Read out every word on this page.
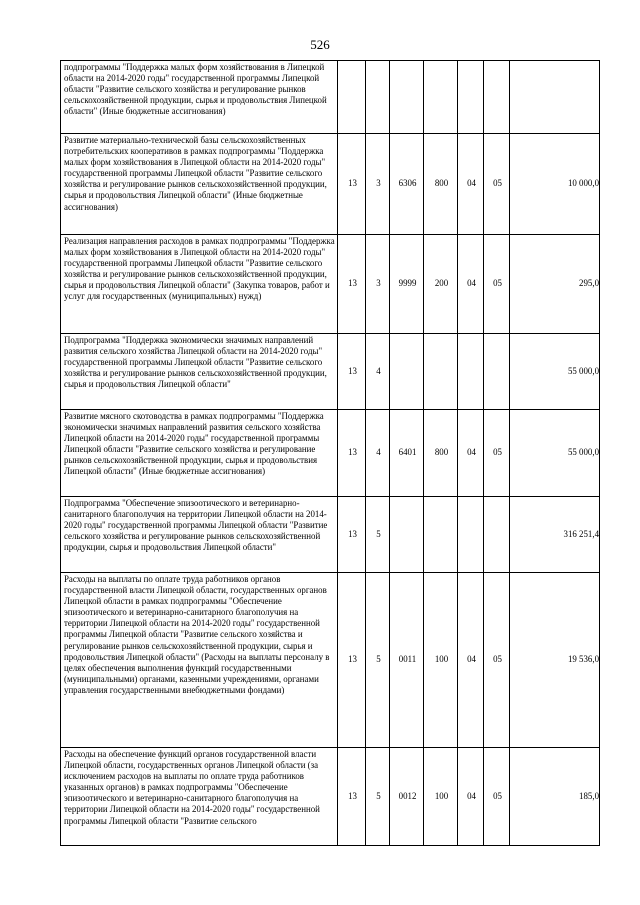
526
подпрограммы "Поддержка малых форм хозяйствования в Липецкой области на 2014-2020 годы" государственной программы Липецкой области "Развитие сельского хозяйства и регулирование рынков сельскохозяйственной продукции, сырья и продовольствия Липецкой области" (Иные бюджетные ассигнования)							
Развитие материально-технической базы сельскохозяйственных потребительских кооперативов в рамках подпрограммы "Поддержка малых форм хозяйствования в Липецкой области на 2014-2020 годы" государственной программы Липецкой области "Развитие сельского хозяйства и регулирование рынков сельскохозяйственной продукции, сырья и продовольствия Липецкой области" (Иные бюджетные ассигнования)	13	3	6306	800	04	05	10 000,0
Реализация направления расходов в рамках подпрограммы "Поддержка малых форм хозяйствования в Липецкой области на 2014-2020 годы" государственной программы Липецкой области "Развитие сельского хозяйства и регулирование рынков сельскохозяйственной продукции, сырья и продовольствия Липецкой области" (Закупка товаров, работ и услуг для государственных (муниципальных) нужд)	13	3	9999	200	04	05	295,0
Подпрограмма "Поддержка экономически значимых направлений развития сельского хозяйства Липецкой области на 2014-2020 годы" государственной программы Липецкой области "Развитие сельского хозяйства и регулирование рынков сельскохозяйственной продукции, сырья и продовольствия Липецкой области"	13	4					55 000,0
Развитие мясного скотоводства в рамках подпрограммы "Поддержка экономически значимых направлений развития сельского хозяйства Липецкой области на 2014-2020 годы" государственной программы Липецкой области "Развитие сельского хозяйства и регулирование рынков сельскохозяйственной продукции, сырья и продовольствия Липецкой области" (Иные бюджетные ассигнования)	13	4	6401	800	04	05	55 000,0
Подпрограмма "Обеспечение эпизоотического и ветеринарно-санитарного благополучия на территории Липецкой области на 2014-2020 годы" государственной программы Липецкой области "Развитие сельского хозяйства и регулирование рынков сельскохозяйственной продукции, сырья и продовольствия Липецкой области"	13	5					316 251,4
Расходы на выплаты по оплате труда работников органов государственной власти Липецкой области, государственных органов Липецкой области в рамках подпрограммы "Обеспечение эпизоотического и ветеринарно-санитарного благополучия на территории Липецкой области на 2014-2020 годы" государственной программы Липецкой области "Развитие сельского хозяйства и регулирование рынков сельскохозяйственной продукции, сырья и продовольствия Липецкой области" (Расходы на выплаты персоналу в целях обеспечения выполнения функций государственными (муниципальными) органами, казенными учреждениями, органами управления государственными внебюджетными фондами)	13	5	0011	100	04	05	19 536,0
Расходы на обеспечение функций органов государственной власти Липецкой области, государственных органов Липецкой области (за исключением расходов на выплаты по оплате труда работников указанных органов) в рамках подпрограммы "Обеспечение эпизоотического и ветеринарно-санитарного благополучия на территории Липецкой области на 2014-2020 годы" государственной программы Липецкой области "Развитие сельского	13	5	0012	100	04	05	185,0
